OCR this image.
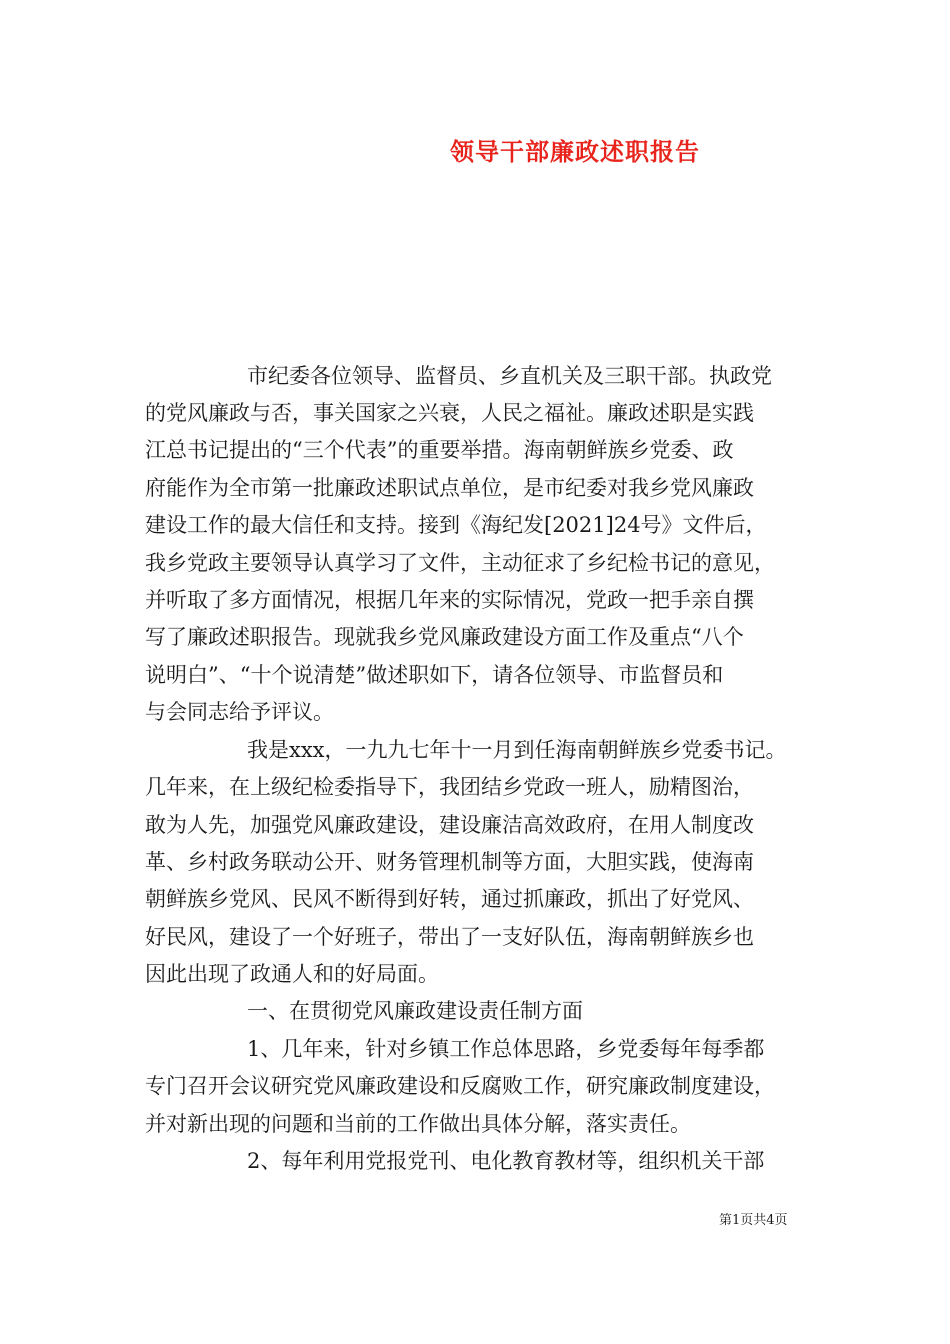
领导干部廉政述职报告
市纪委各位领导、监督员、乡直机关及三职干部。执政党
的党风廉政与否，事关国家之兴衰，人民之福祉。廉政述职是实践
江总书记提出的“三个代表”的重要举措。海南朝鲜族乡党委、政
府能作为全市第一批廉政述职试点单位，是市纪委对我乡党风廉政
建设工作的最大信任和支持。接到《海纪发[2021]24号》文件后，
我乡党政主要领导认真学习了文件，主动征求了乡纪检书记的意见，
并听取了多方面情况，根据几年来的实际情况，党政一把手亲自撰
写了廉政述职报告。现就我乡党风廉政建设方面工作及重点“八个
说明白”、“十个说清楚”做述职如下，请各位领导、市监督员和
与会同志给予评议。
我是xxx，一九九七年十一月到任海南朝鲜族乡党委书记。
几年来，在上级纪检委指导下，我团结乡党政一班人，励精图治，
敢为人先，加强党风廉政建设，建设廉洁高效政府，在用人制度改
革、乡村政务联动公开、财务管理机制等方面，大胆实践，使海南
朝鲜族乡党风、民风不断得到好转，通过抓廉政，抓出了好党风、
好民风，建设了一个好班子，带出了一支好队伍，海南朝鲜族乡也
因此出现了政通人和的好局面。
一、在贯彻党风廉政建设责任制方面
1、几年来，针对乡镇工作总体思路，乡党委每年每季都
专门召开会议研究党风廉政建设和反腐败工作，研究廉政制度建设，
并对新出现的问题和当前的工作做出具体分解，落实责任。
2、每年利用党报党刊、电化教育教材等，组织机关干部
第1页共4页
